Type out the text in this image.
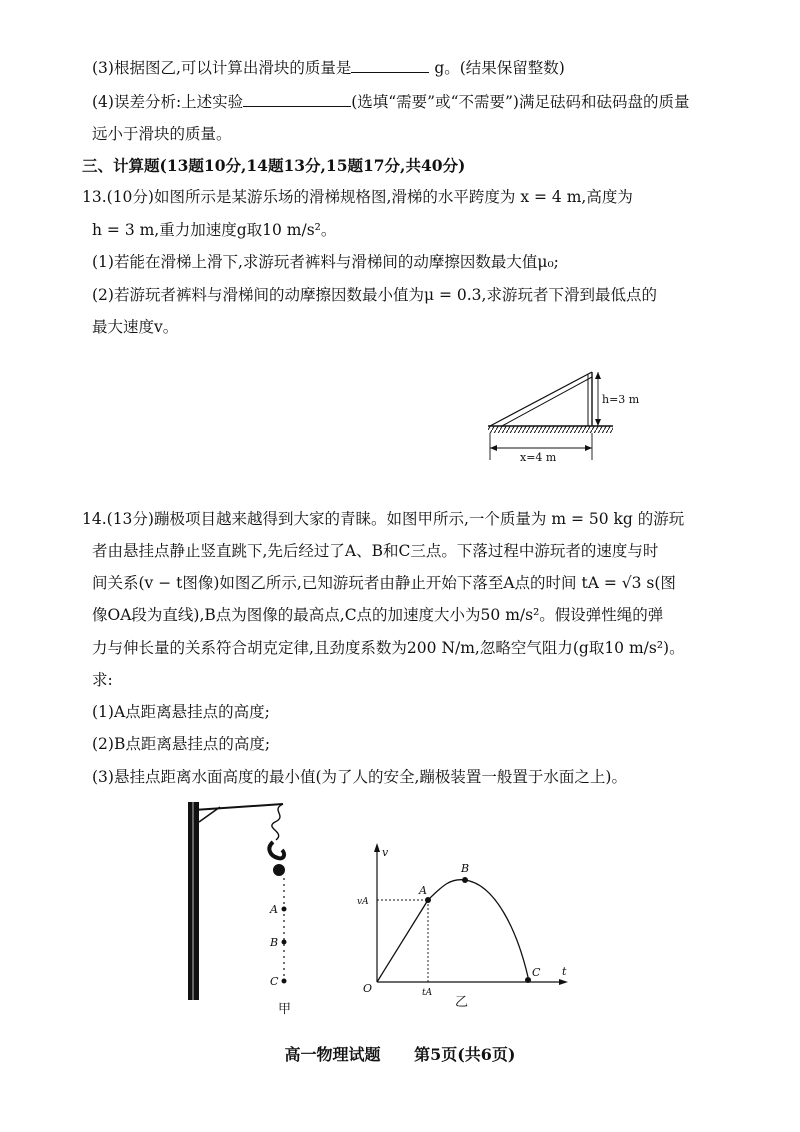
(3)根据图乙,可以计算出滑块的质量是	g。(结果保留整数)
(4)误差分析:上述实验	(选填“需要”或“不需要”)满足砝码和砝码盘的质量
远小于滑块的质量。
三、计算题(13题10分,14题13分,15题17分,共40分)
13.(10分)如图所示是某游乐场的滑梯规格图,滑梯的水平跨度为 x = 4 m,高度为
h = 3 m,重力加速度g取10 m/s²。
(1)若能在滑梯上滑下,求游玩者裤料与滑梯间的动摩擦因数最大值μ₀;
(2)若游玩者裤料与滑梯间的动摩擦因数最小值为μ = 0.3,求游玩者下滑到最低点的
最大速度v。
h=3 m
x=4 m
14.(13分)蹦极项目越来越得到大家的青睐。如图甲所示,一个质量为 m = 50 kg 的游玩
者由悬挂点静止竖直跳下,先后经过了A、B和C三点。下落过程中游玩者的速度与时
间关系(v − t图像)如图乙所示,已知游玩者由静止开始下落至A点的时间 tA = √3 s(图
像OA段为直线),B点为图像的最高点,C点的加速度大小为50 m/s²。假设弹性绳的弹
力与伸长量的关系符合胡克定律,且劲度系数为200 N/m,忽略空气阻力(g取10 m/s²)。
求:
(1)A点距离悬挂点的高度;
(2)B点距离悬挂点的高度;
(3)悬挂点距离水面高度的最小值(为了人的安全,蹦极装置一般置于水面之上)。
A
B
C
甲
v
t
O
A
B
C
vA
tA
乙
高一物理试题 第5页(共6页)
